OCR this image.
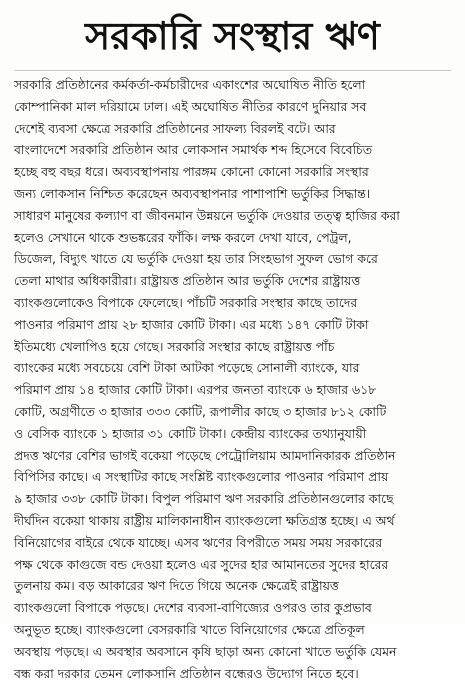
সরকারি সংস্থার ঋণ
সরকারি প্রতিষ্ঠানের কর্মকর্তা-কর্মচারীদের একাংশের অঘোষিত নীতি হলো
কোম্পানিকা মাল দরিয়ামে ঢাল। এই অঘোষিত নীতির কারণে দুনিয়ার সব
দেশেই ব্যবসা ক্ষেত্রে সরকারি প্রতিষ্ঠানের সাফল্য বিরলই বটে। আর
বাংলাদেশে সরকারি প্রতিষ্ঠান আর লোকসান সমার্থক শব্দ হিসেবে বিবেচিত
হচ্ছে বহু বছর ধরে। অব্যবস্থাপনায় পারঙ্গম কোনো কোনো সরকারি সংস্থার
জন্য লোকসান নিশ্চিত করেছেন অব্যবস্থাপনার পাশাপাশি ভর্তুকির সিদ্ধান্ত।
সাধারণ মানুষের কল্যাণ বা জীবনমান উন্নয়নে ভর্তুকি দেওয়ার তত্ত্ব হাজির করা
হলেও সেখানে থাকে শুভঙ্করের ফাঁকি। লক্ষ করলে দেখা যাবে, পেট্রল,
ডিজেল, বিদ্যুৎ খাতে যে ভর্তুকি দেওয়া হয় তার সিংহভাগ সুফল ভোগ করে
তেলা মাথার অধিকারীরা। রাষ্ট্রায়ত্ত প্রতিষ্ঠান আর ভর্তুকি দেশের রাষ্ট্রায়ত্ত
ব্যাংকগুলোকেও বিপাকে ফেলেছে। পাঁচটি সরকারি সংস্থার কাছে তাদের
পাওনার পরিমাণ প্রায় ২৮ হাজার কোটি টাকা। এর মধ্যে ১৪৭ কোটি টাকা
ইতিমধ্যে খেলাপিও হয়ে গেছে। সরকারি সংস্থার কাছে রাষ্ট্রায়ত্ত পাঁচ
ব্যাংকের মধ্যে সবচেয়ে বেশি টাকা আটকা পড়েছে সোনালী ব্যাংকে, যার
পরিমাণ প্রায় ১৪ হাজার কোটি টাকা। এরপর জনতা ব্যাংকে ৬ হাজার ৬১৮
কোটি, অগ্রণীতে ৩ হাজার ৩৩৩ কোটি, রূপালীর কাছে ৩ হাজার ৮১২ কোটি
ও বেসিক ব্যাংকে ১ হাজার ৩১ কোটি টাকা। কেন্দ্রীয় ব্যাংকের তথ্যানুযায়ী
প্রদত্ত ঋণের বেশির ভাগই বকেয়া পড়েছে পেট্রোলিয়াম আমদানিকারক প্রতিষ্ঠান
বিপিসির কাছে। এ সংস্থাটির কাছে সংশ্লিষ্ট ব্যাংকগুলোর পাওনার পরিমাণ প্রায়
৯ হাজার ৩৩৮ কোটি টাকা। বিপুল পরিমাণ ঋণ সরকারি প্রতিষ্ঠানগুলোর কাছে
দীর্ঘদিন বকেয়া থাকায় রাষ্ট্রীয় মালিকানাধীন ব্যাংকগুলো ক্ষতিগ্রস্ত হচ্ছে। এ অর্থ
বিনিয়োগের বাইরে থেকে যাচ্ছে। এসব ঋণের বিপরীতে সময় সময় সরকারের
পক্ষ থেকে কাগুজে বন্ড দেওয়া হলেও এর সুদের হার আমানতের সুদের হারের
তুলনায় কম। বড় আকারের ঋণ দিতে গিয়ে অনেক ক্ষেত্রেই রাষ্ট্রায়ত্ত
ব্যাংকগুলো বিপাকে পড়ছে। দেশের ব্যবসা-বাণিজ্যের ওপরও তার কুপ্রভাব
অনুভূত হচ্ছে। ব্যাংকগুলো বেসরকারি খাতে বিনিয়োগের ক্ষেত্রে প্রতিকূল
অবস্থায় পড়ছে। এ অবস্থার অবসানে কৃষি ছাড়া অন্য কোনো খাতে ভর্তুকি যেমন
বন্ধ করা দরকার তেমন লোকসানি প্রতিষ্ঠান বন্ধেরও উদ্যোগ নিতে হবে।
